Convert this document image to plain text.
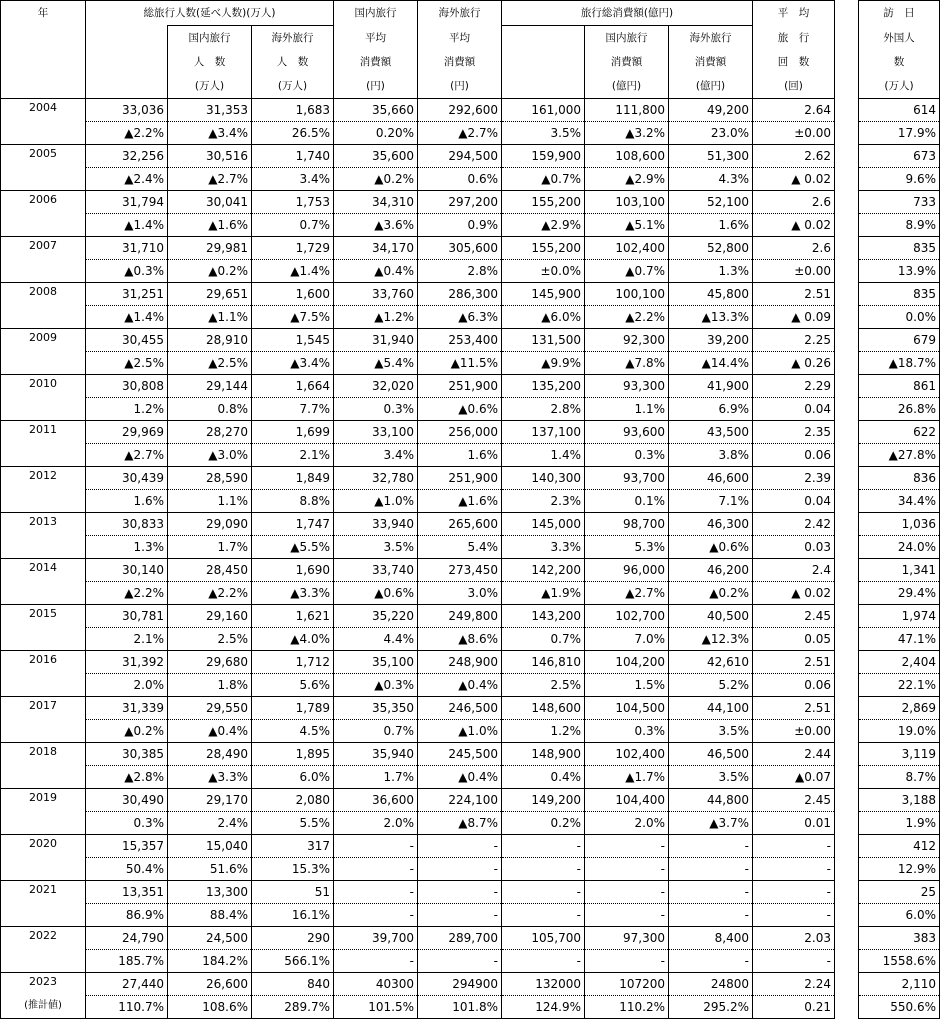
年	総旅行人数(延べ人数)(万人)			国内旅行	海外旅行	旅行総消費額(億円)			平　均		訪　日
		国内旅行	海外旅行	平均	平均		国内旅行	海外旅行	旅　行		外国人
		人　数	人　数	消費額	消費額		消費額	消費額	回　数		数
		(万人)	(万人)	(円)	(円)		(億円)	(億円)	(回)		(万人)

2004	33,036	31,353	1,683	35,660	292,600	161,000	111,800	49,200	2.64		614
	▲2.2%	▲3.4%	26.5%	0.20%	▲2.7%	3.5%	▲3.2%	23.0%	±0.00		17.9%

2005	32,256	30,516	1,740	35,600	294,500	159,900	108,600	51,300	2.62		673
	▲2.4%	▲2.7%	3.4%	▲0.2%	0.6%	▲0.7%	▲2.9%	4.3%	▲ 0.02		9.6%

2006	31,794	30,041	1,753	34,310	297,200	155,200	103,100	52,100	2.6		733
	▲1.4%	▲1.6%	0.7%	▲3.6%	0.9%	▲2.9%	▲5.1%	1.6%	▲ 0.02		8.9%

2007	31,710	29,981	1,729	34,170	305,600	155,200	102,400	52,800	2.6		835
	▲0.3%	▲0.2%	▲1.4%	▲0.4%	2.8%	±0.0%	▲0.7%	1.3%	±0.00		13.9%

2008	31,251	29,651	1,600	33,760	286,300	145,900	100,100	45,800	2.51		835
	▲1.4%	▲1.1%	▲7.5%	▲1.2%	▲6.3%	▲6.0%	▲2.2%	▲13.3%	▲ 0.09		0.0%

2009	30,455	28,910	1,545	31,940	253,400	131,500	92,300	39,200	2.25		679
	▲2.5%	▲2.5%	▲3.4%	▲5.4%	▲11.5%	▲9.9%	▲7.8%	▲14.4%	▲ 0.26		▲18.7%

2010	30,808	29,144	1,664	32,020	251,900	135,200	93,300	41,900	2.29		861
	1.2%	0.8%	7.7%	0.3%	▲0.6%	2.8%	1.1%	6.9%	0.04		26.8%

2011	29,969	28,270	1,699	33,100	256,000	137,100	93,600	43,500	2.35		622
	▲2.7%	▲3.0%	2.1%	3.4%	1.6%	1.4%	0.3%	3.8%	0.06		▲27.8%

2012	30,439	28,590	1,849	32,780	251,900	140,300	93,700	46,600	2.39		836
	1.6%	1.1%	8.8%	▲1.0%	▲1.6%	2.3%	0.1%	7.1%	0.04		34.4%

2013	30,833	29,090	1,747	33,940	265,600	145,000	98,700	46,300	2.42		1,036
	1.3%	1.7%	▲5.5%	3.5%	5.4%	3.3%	5.3%	▲0.6%	0.03		24.0%

2014	30,140	28,450	1,690	33,740	273,450	142,200	96,000	46,200	2.4		1,341
	▲2.2%	▲2.2%	▲3.3%	▲0.6%	3.0%	▲1.9%	▲2.7%	▲0.2%	▲ 0.02		29.4%

2015	30,781	29,160	1,621	35,220	249,800	143,200	102,700	40,500	2.45		1,974
	2.1%	2.5%	▲4.0%	4.4%	▲8.6%	0.7%	7.0%	▲12.3%	0.05		47.1%

2016	31,392	29,680	1,712	35,100	248,900	146,810	104,200	42,610	2.51		2,404
	2.0%	1.8%	5.6%	▲0.3%	▲0.4%	2.5%	1.5%	5.2%	0.06		22.1%

2017	31,339	29,550	1,789	35,350	246,500	148,600	104,500	44,100	2.51		2,869
	▲0.2%	▲0.4%	4.5%	0.7%	▲1.0%	1.2%	0.3%	3.5%	±0.00		19.0%

2018	30,385	28,490	1,895	35,940	245,500	148,900	102,400	46,500	2.44		3,119
	▲2.8%	▲3.3%	6.0%	1.7%	▲0.4%	0.4%	▲1.7%	3.5%	▲0.07		8.7%

2019	30,490	29,170	2,080	36,600	224,100	149,200	104,400	44,800	2.45		3,188
	0.3%	2.4%	5.5%	2.0%	▲8.7%	0.2%	2.0%	▲3.7%	0.01		1.9%

2020	15,357	15,040	317	-	-	-	-	-	-		412
	50.4%	51.6%	15.3%	-	-	-	-	-	-		12.9%

2021	13,351	13,300	51	-	-	-	-	-	-		25
	86.9%	88.4%	16.1%	-	-	-	-	-	-		6.0%

2022	24,790	24,500	290	39,700	289,700	105,700	97,300	8,400	2.03		383
	185.7%	184.2%	566.1%	-	-	-	-	-	-		1558.6%

2023
(推計値)	27,440	26,600	840	40300	294900	132000	107200	24800	2.24		2,110
	110.7%	108.6%	289.7%	101.5%	101.8%	124.9%	110.2%	295.2%	0.21		550.6%
